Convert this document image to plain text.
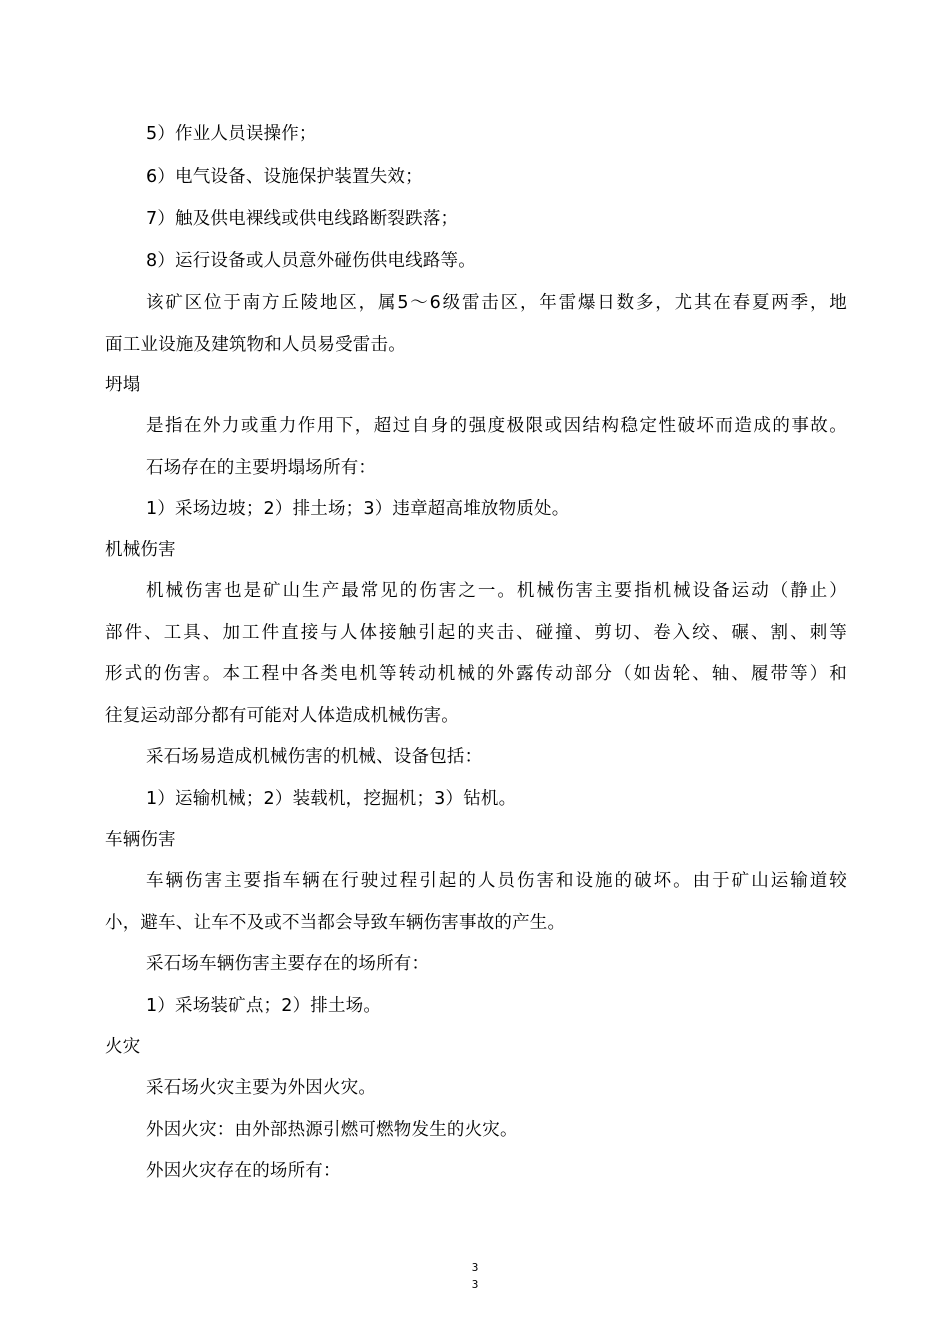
5）作业人员误操作；
6）电气设备、设施保护装置失效；
7）触及供电裸线或供电线路断裂跌落；
8）运行设备或人员意外碰伤供电线路等。
该矿区位于南方丘陵地区，属5～6级雷击区，年雷爆日数多，尤其在春夏两季，地
面工业设施及建筑物和人员易受雷击。
坍塌
是指在外力或重力作用下，超过自身的强度极限或因结构稳定性破坏而造成的事故。
石场存在的主要坍塌场所有：
1）采场边坡；2）排土场；3）违章超高堆放物质处。
机械伤害
机械伤害也是矿山生产最常见的伤害之一。机械伤害主要指机械设备运动（静止）
部件、工具、加工件直接与人体接触引起的夹击、碰撞、剪切、卷入绞、碾、割、刺等
形式的伤害。本工程中各类电机等转动机械的外露传动部分（如齿轮、轴、履带等）和
往复运动部分都有可能对人体造成机械伤害。
采石场易造成机械伤害的机械、设备包括：
1）运输机械；2）装载机，挖掘机；3）钻机。
车辆伤害
车辆伤害主要指车辆在行驶过程引起的人员伤害和设施的破坏。由于矿山运输道较
小，避车、让车不及或不当都会导致车辆伤害事故的产生。
采石场车辆伤害主要存在的场所有：
1）采场装矿点；2）排土场。
火灾
采石场火灾主要为外因火灾。
外因火灾：由外部热源引燃可燃物发生的火灾。
外因火灾存在的场所有：
3
3
